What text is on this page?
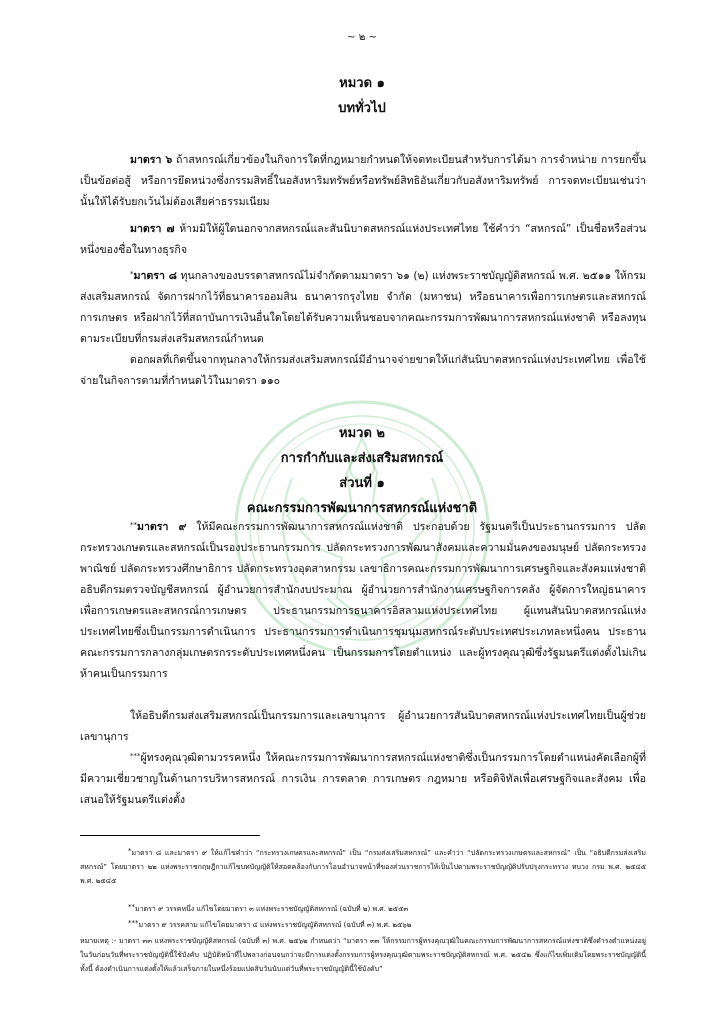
~ ๒ ~
หมวด ๑
บททั่วไป

มาตรา ๖ ถ้าสหกรณ์เกี่ยวข้องในกิจการใดที่กฎหมายกำหนดให้จดทะเบียนสำหรับการได้มา การจำหน่าย การยกขึ้นเป็นข้อต่อสู้ หรือการยึดหน่วงซึ่งกรรมสิทธิ์ในอสังหาริมทรัพย์หรือทรัพย์สิทธิอันเกี่ยวกับอสังหาริมทรัพย์ การจดทะเบียนเช่นว่านั้นให้ได้รับยกเว้นไม่ต้องเสียค่าธรรมเนียม

มาตรา ๗ ห้ามมิให้ผู้ใดนอกจากสหกรณ์และสันนิบาตสหกรณ์แห่งประเทศไทย ใช้คำว่า “สหกรณ์” เป็นชื่อหรือส่วนหนึ่งของชื่อในทางธุรกิจ

*มาตรา ๘ ทุนกลางของบรรดาสหกรณ์ไม่จำกัดตามมาตรา ๖๑ (๒) แห่งพระราชบัญญัติสหกรณ์ พ.ศ. ๒๕๑๑ ให้กรมส่งเสริมสหกรณ์ จัดการฝากไว้ที่ธนาคารออมสิน ธนาคารกรุงไทย จำกัด (มหาชน) หรือธนาคารเพื่อการเกษตรและสหกรณ์การเกษตร หรือฝากไว้ที่สถาบันการเงินอื่นใดโดยได้รับความเห็นชอบจากคณะกรรมการพัฒนาการสหกรณ์แห่งชาติ หรือลงทุนตามระเบียบที่กรมส่งเสริมสหกรณ์กำหนด

ดอกผลที่เกิดขึ้นจากทุนกลางให้กรมส่งเสริมสหกรณ์มีอำนาจจ่ายขาดให้แก่สันนิบาตสหกรณ์แห่งประเทศไทย เพื่อใช้จ่ายในกิจการตามที่กำหนดไว้ในมาตรา ๑๑๐

หมวด ๒
การกำกับและส่งเสริมสหกรณ์
ส่วนที่ ๑
คณะกรรมการพัฒนาการสหกรณ์แห่งชาติ

**มาตรา ๙ ให้มีคณะกรรมการพัฒนาการสหกรณ์แห่งชาติ ประกอบด้วย รัฐมนตรีเป็นประธานกรรมการ ปลัดกระทรวงเกษตรและสหกรณ์เป็นรองประธานกรรมการ ปลัดกระทรวงการพัฒนาสังคมและความมั่นคงของมนุษย์ ปลัดกระทรวงพาณิชย์ ปลัดกระทรวงศึกษาธิการ ปลัดกระทรวงอุตสาหกรรม เลขาธิการคณะกรรมการพัฒนาการเศรษฐกิจและสังคมแห่งชาติ อธิบดีกรมตรวจบัญชีสหกรณ์ ผู้อำนวยการสำนักงบประมาณ ผู้อำนวยการสำนักงานเศรษฐกิจการคลัง ผู้จัดการใหญ่ธนาคารเพื่อการเกษตรและสหกรณ์การเกษตร ประธานกรรมการธนาคารอิสลามแห่งประเทศไทย ผู้แทนสันนิบาตสหกรณ์แห่งประเทศไทยซึ่งเป็นกรรมการดำเนินการ ประธานกรรมการดำเนินการชุมนุมสหกรณ์ระดับประเทศประเภทละหนึ่งคน ประธานคณะกรรมการกลางกลุ่มเกษตรกรระดับประเทศหนึ่งคน เป็นกรรมการโดยตำแหน่ง และผู้ทรงคุณวุฒิซึ่งรัฐมนตรีแต่งตั้งไม่เกินห้าคนเป็นกรรมการ

ให้อธิบดีกรมส่งเสริมสหกรณ์เป็นกรรมการและเลขานุการ ผู้อำนวยการสันนิบาตสหกรณ์แห่งประเทศไทยเป็นผู้ช่วยเลขานุการ

***ผู้ทรงคุณวุฒิตามวรรคหนึ่ง ให้คณะกรรมการพัฒนาการสหกรณ์แห่งชาติซึ่งเป็นกรรมการโดยตำแหน่งคัดเลือกผู้ที่มีความเชี่ยวชาญในด้านการบริหารสหกรณ์ การเงิน การตลาด การเกษตร กฎหมาย หรือดิจิทัลเพื่อเศรษฐกิจและสังคม เพื่อเสนอให้รัฐมนตรีแต่งตั้ง

*มาตรา ๘ และมาตรา ๙ ให้แก้ไขคำว่า “กระทรวงเกษตรและสหกรณ์” เป็น “กรมส่งเสริมสหกรณ์” และคำว่า “ปลัดกระทรวงเกษตรและสหกรณ์” เป็น “อธิบดีกรมส่งเสริมสหกรณ์” โดยมาตรา ๒๒ แห่งพระราชกฤษฎีกาแก้ไขบทบัญญัติให้สอดคล้องกับการโอนอำนาจหน้าที่ของส่วนราชการให้เป็นไปตามพระราชบัญญัติปรับปรุงกระทรวง ทบวง กรม พ.ศ. ๒๕๔๕ พ.ศ. ๒๕๔๕

**มาตรา ๙ วรรคหนึ่ง แก้ไขโดยมาตรา ๓ แห่งพระราชบัญญัติสหกรณ์ (ฉบับที่ ๒) พ.ศ. ๒๕๕๓

***มาตรา ๙ วรรคสาม แก้ไขโดยมาตรา ๔ แห่งพระราชบัญญัติสหกรณ์ (ฉบับที่ ๓) พ.ศ. ๒๕๖๒

หมายเหตุ :- มาตรา ๓๓ แห่งพระราชบัญญัติสหกรณ์ (ฉบับที่ ๓) พ.ศ. ๒๕๖๒ กำหนดว่า “มาตรา ๓๓ ให้กรรมการผู้ทรงคุณวุฒิในคณะกรรมการพัฒนาการสหกรณ์แห่งชาติซึ่งดำรงตำแหน่งอยู่ในวันก่อนวันที่พระราชบัญญัตินี้ใช้บังคับ ปฏิบัติหน้าที่ไปพลางก่อนจนกว่าจะมีการแต่งตั้งกรรมการผู้ทรงคุณวุฒิตามพระราชบัญญัติสหกรณ์ พ.ศ. ๒๕๔๒ ซึ่งแก้ไขเพิ่มเติมโดยพระราชบัญญัตินี้ ทั้งนี้ ต้องดำเนินการแต่งตั้งให้แล้วเสร็จภายในหนึ่งร้อยแปดสิบวันนับแต่วันที่พระราชบัญญัตินี้ใช้บังคับ”
